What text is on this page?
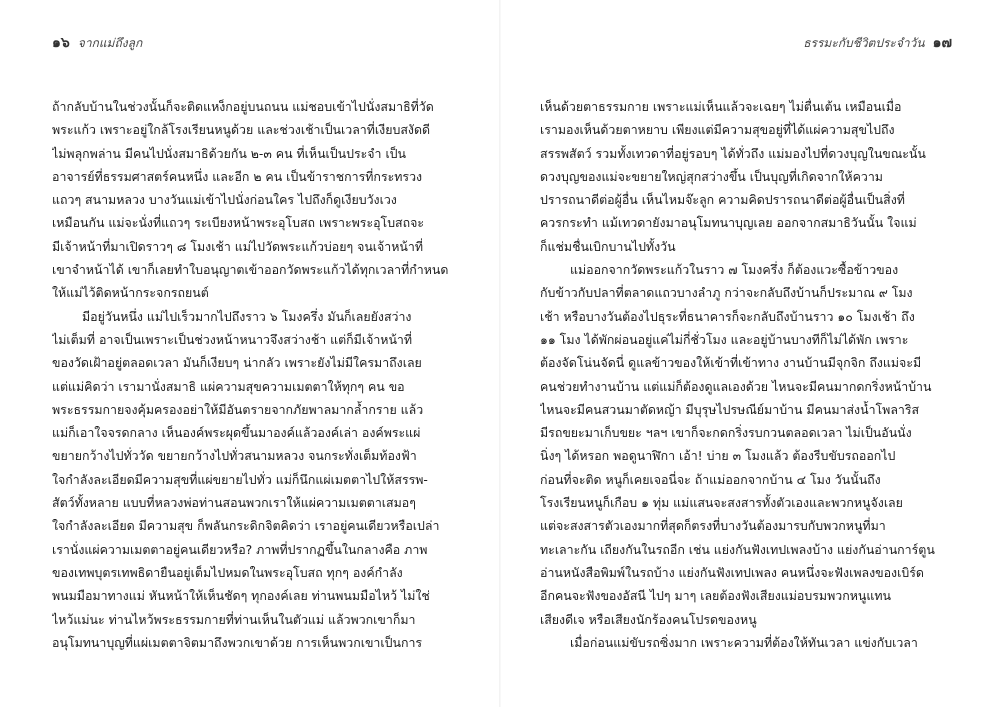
๑๖ จากแม่ถึงลูก
ถ้ากลับบ้านในช่วงนั้นก็จะติดแหง็กอยู่บนถนน แม่ชอบเข้าไปนั่งสมาธิที่วัด
พระแก้ว เพราะอยู่ใกล้โรงเรียนหนูด้วย และช่วงเช้าเป็นเวลาที่เงียบสงัดดี
ไม่พลุกพล่าน มีคนไปนั่งสมาธิด้วยกัน ๒-๓ คน ที่เห็นเป็นประจำ เป็น
อาจารย์ที่ธรรมศาสตร์คนหนึ่ง และอีก ๒ คน เป็นข้าราชการที่กระทรวง
แถวๆ สนามหลวง บางวันแม่เข้าไปนั่งก่อนใคร ไปถึงก็ดูเงียบวังเวง
เหมือนกัน แม่จะนั่งที่แถวๆ ระเบียงหน้าพระอุโบสถ เพราะพระอุโบสถจะ
มีเจ้าหน้าที่มาเปิดราวๆ ๘ โมงเช้า แม่ไปวัดพระแก้วบ่อยๆ จนเจ้าหน้าที่
เขาจำหน้าได้ เขาก็เลยทำใบอนุญาตเข้าออกวัดพระแก้วได้ทุกเวลาที่กำหนด
ให้แม่ไว้ติดหน้ากระจกรถยนต์
มีอยู่วันหนึ่ง แม่ไปเร็วมากไปถึงราว ๖ โมงครึ่ง มันก็เลยยังสว่าง
ไม่เต็มที่ อาจเป็นเพราะเป็นช่วงหน้าหนาวจึงสว่างช้า แต่ก็มีเจ้าหน้าที่
ของวัดเฝ้าอยู่ตลอดเวลา มันก็เงียบๆ น่ากลัว เพราะยังไม่มีใครมาถึงเลย
แต่แม่คิดว่า เรามานั่งสมาธิ แผ่ความสุขความเมตตาให้ทุกๆ คน ขอ
พระธรรมกายจงคุ้มครองอย่าให้มีอันตรายจากภัยพาลมากล้ำกราย แล้ว
แม่ก็เอาใจจรดกลาง เห็นองค์พระผุดขึ้นมาองค์แล้วองค์เล่า องค์พระแผ่
ขยายกว้างไปทั่ววัด ขยายกว้างไปทั่วสนามหลวง จนกระทั่งเต็มท้องฟ้า
ใจกำลังละเอียดมีความสุขที่แผ่ขยายไปทั่ว แม่ก็นึกแผ่เมตตาไปให้สรรพ-
สัตว์ทั้งหลาย แบบที่หลวงพ่อท่านสอนพวกเราให้แผ่ความเมตตาเสมอๆ
ใจกำลังละเอียด มีความสุข ก็พลันกระดิกจิตคิดว่า เราอยู่คนเดียวหรือเปล่า
เรานั่งแผ่ความเมตตาอยู่คนเดียวหรือ? ภาพที่ปรากฏขึ้นในกลางคือ ภาพ
ของเทพบุตรเทพธิดายืนอยู่เต็มไปหมดในพระอุโบสถ ทุกๆ องค์กำลัง
พนมมือมาทางแม่ หันหน้าให้เห็นชัดๆ ทุกองค์เลย ท่านพนมมือไหว้ ไม่ใช่
ไหว้แม่นะ ท่านไหว้พระธรรมกายที่ท่านเห็นในตัวแม่ แล้วพวกเขาก็มา
อนุโมทนาบุญที่แผ่เมตตาจิตมาถึงพวกเขาด้วย การเห็นพวกเขาเป็นการ
ธรรมะกับชีวิตประจำวัน ๑๗
เห็นด้วยตาธรรมกาย เพราะแม่เห็นแล้วจะเฉยๆ ไม่ตื่นเต้น เหมือนเมื่อ
เรามองเห็นด้วยตาหยาบ เพียงแต่มีความสุขอยู่ที่ได้แผ่ความสุขไปถึง
สรรพสัตว์ รวมทั้งเทวดาที่อยู่รอบๆ ได้ทั่วถึง แม่มองไปที่ดวงบุญในขณะนั้น
ดวงบุญของแม่จะขยายใหญ่สุกสว่างขึ้น เป็นบุญที่เกิดจากให้ความ
ปรารถนาดีต่อผู้อื่น เห็นไหมจ๊ะลูก ความคิดปรารถนาดีต่อผู้อื่นเป็นสิ่งที่
ควรกระทำ แม้เทวดายังมาอนุโมทนาบุญเลย ออกจากสมาธิวันนั้น ใจแม่
ก็แช่มชื่นเบิกบานไปทั้งวัน
แม่ออกจากวัดพระแก้วในราว ๗ โมงครึ่ง ก็ต้องแวะซื้อข้าวของ
กับข้าวกับปลาที่ตลาดแถวบางลำภู กว่าจะกลับถึงบ้านก็ประมาณ ๙ โมง
เช้า หรือบางวันต้องไปธุระที่ธนาคารก็จะกลับถึงบ้านราว ๑๐ โมงเช้า ถึง
๑๑ โมง ได้พักผ่อนอยู่แค่ไม่กี่ชั่วโมง และอยู่บ้านบางทีก็ไม่ได้พัก เพราะ
ต้องจัดโน่นจัดนี่ ดูแลข้าวของให้เข้าที่เข้าทาง งานบ้านมีจุกจิก ถึงแม่จะมี
คนช่วยทำงานบ้าน แต่แม่ก็ต้องดูแลเองด้วย ไหนจะมีคนมากดกริ่งหน้าบ้าน
ไหนจะมีคนสวนมาตัดหญ้า มีบุรุษไปรษณีย์มาบ้าน มีคนมาส่งน้ำโพลาริส
มีรถขยะมาเก็บขยะ ฯลฯ เขาก็จะกดกริ่งรบกวนตลอดเวลา ไม่เป็นอันนั่ง
นิ่งๆ ได้หรอก พอดูนาฬิกา เอ้า! บ่าย ๓ โมงแล้ว ต้องรีบขับรถออกไป
ก่อนที่จะติด หนูก็เคยเจอนี่จะ ถ้าแม่ออกจากบ้าน ๔ โมง วันนั้นถึง
โรงเรียนหนูก็เกือบ ๑ ทุ่ม แม่แสนจะสงสารทั้งตัวเองและพวกหนูจังเลย
แต่จะสงสารตัวเองมากที่สุดก็ตรงที่บางวันต้องมารบกับพวกหนูที่มา
ทะเลาะกัน เถียงกันในรถอีก เช่น แย่งกันฟังเทปเพลงบ้าง แย่งกันอ่านการ์ตูน
อ่านหนังสือพิมพ์ในรถบ้าง แย่งกันฟังเทปเพลง คนหนึ่งจะฟังเพลงของเบิร์ด
อีกคนจะฟังของอัสนี ไปๆ มาๆ เลยต้องฟังเสียงแม่อบรมพวกหนูแทน
เสียงดีเจ หรือเสียงนักร้องคนโปรดของหนู
เมื่อก่อนแม่ขับรถซิ่งมาก เพราะความที่ต้องให้ทันเวลา แข่งกับเวลา
